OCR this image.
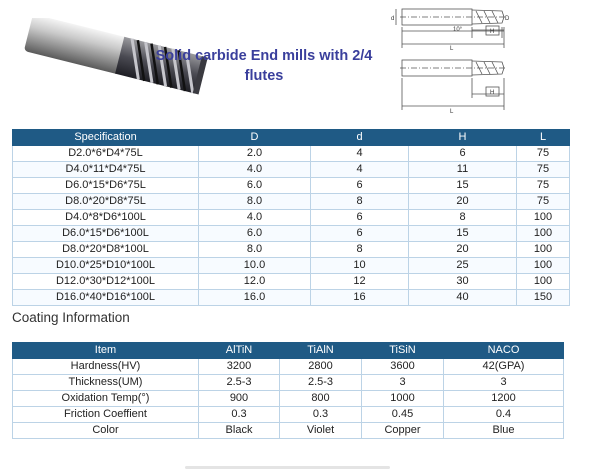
Solid carbide End mills with 2/4 flutes
d
10°	H
D
L
H
L
Specification	D	d	H	L
D2.0*6*D4*75L	2.0	4	6	75
D4.0*11*D4*75L	4.0	4	11	75
D6.0*15*D6*75L	6.0	6	15	75
D8.0*20*D8*75L	8.0	8	20	75
D4.0*8*D6*100L	4.0	6	8	100
D6.0*15*D6*100L	6.0	6	15	100
D8.0*20*D8*100L	8.0	8	20	100
D10.0*25*D10*100L	10.0	10	25	100
D12.0*30*D12*100L	12.0	12	30	100
D16.0*40*D16*100L	16.0	16	40	150
Coating Information
Item	AlTiN	TiAlN	TiSiN	NACO
Hardness(HV)	3200	2800	3600	42(GPA)
Thickness(UM)	2.5-3	2.5-3	3	3
Oxidation Temp(°)	900	800	1000	1200
Friction Coeffient	0.3	0.3	0.45	0.4
Color	Black	Violet	Copper	Blue
